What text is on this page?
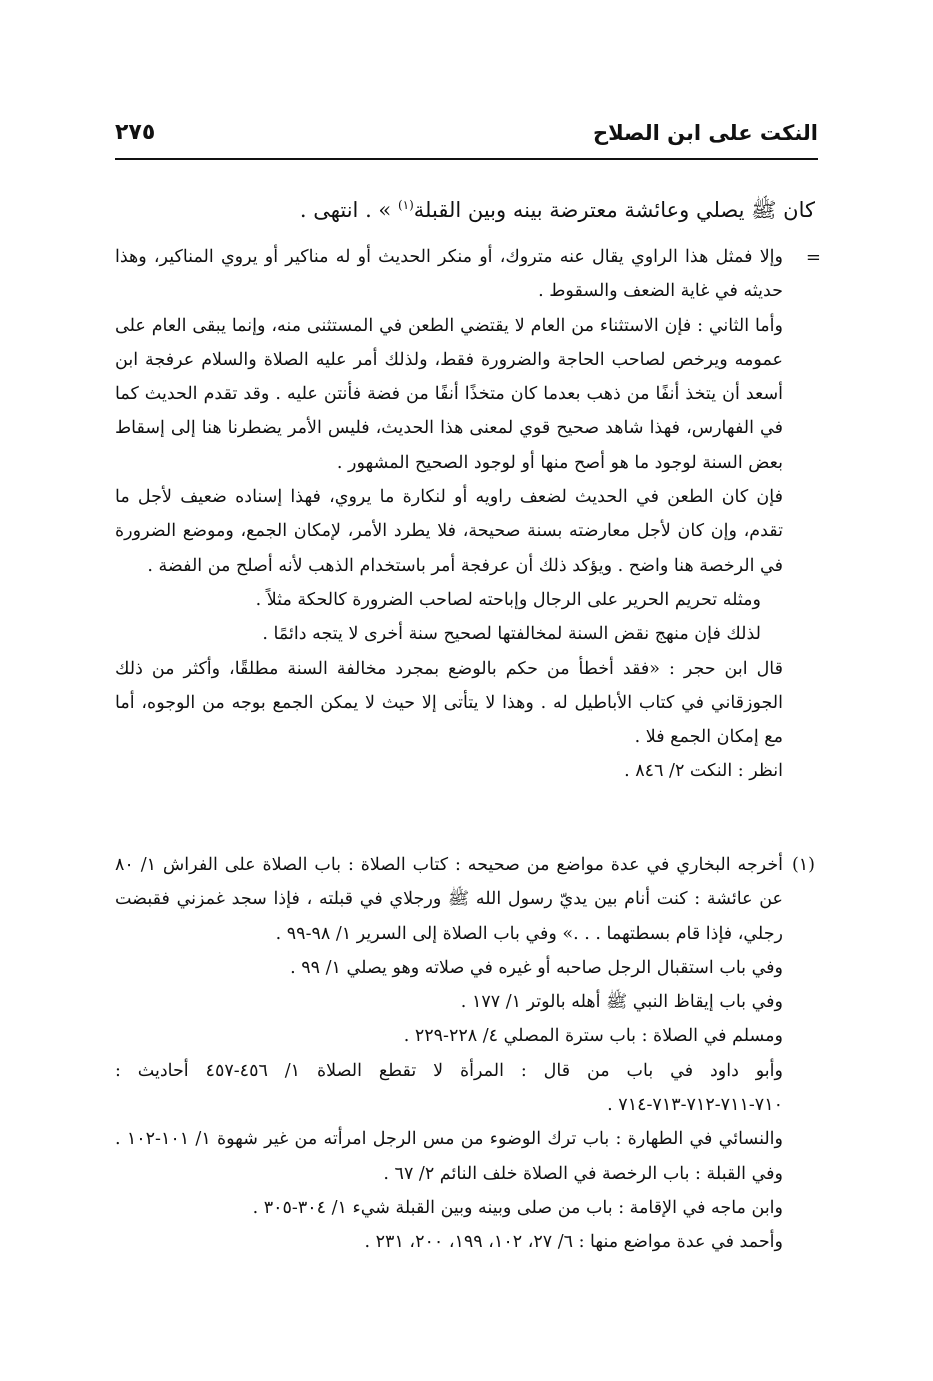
النكت على ابن الصلاح
٢٧٥
كان ﷺ يصلي وعائشة معترضة بينه وبين القبلة$^{(١)}$ » . انتهى .
=

وإلا فمثل هذا الراوي يقال عنه متروك، أو منكر الحديث أو له مناكير أو يروي المناكير، وهذا حديثه في غاية الضعف والسقوط .

وأما الثاني : فإن الاستثناء من العام لا يقتضي الطعن في المستثنى منه، وإنما يبقى العام على عمومه ويرخص لصاحب الحاجة والضرورة فقط، ولذلك أمر عليه الصلاة والسلام عرفجة ابن أسعد أن يتخذ أنفًا من ذهب بعدما كان متخذًا أنفًا من فضة فأنتن عليه . وقد تقدم الحديث كما في الفهارس، فهذا شاهد صحيح قوي لمعنى هذا الحديث، فليس الأمر يضطرنا هنا إلى إسقاط بعض السنة لوجود ما هو أصح منها أو لوجود الصحيح المشهور .

فإن كان الطعن في الحديث لضعف راويه أو لنكارة ما يروي، فهذا إسناده ضعيف لأجل ما تقدم، وإن كان لأجل معارضته بسنة صحيحة، فلا يطرد الأمر، لإمكان الجمع، وموضع الضرورة في الرخصة هنا واضح . ويؤكد ذلك أن عرفجة أمر باستخدام الذهب لأنه أصلح من الفضة .

ومثله تحريم الحرير على الرجال وإباحته لصاحب الضرورة كالحكة مثلاً .

لذلك فإن منهج نقض السنة لمخالفتها لصحيح سنة أخرى لا يتجه دائمًا .

قال ابن حجر : «فقد أخطأ من حكم بالوضع بمجرد مخالفة السنة مطلقًا، وأكثر من ذلك الجوزقاني في كتاب الأباطيل له . وهذا لا يتأتى إلا حيث لا يمكن الجمع بوجه من الوجوه، أما مع إمكان الجمع فلا .

انظر : النكت ٢/ ٨٤٦ .

(١)

أخرجه البخاري في عدة مواضع من صحيحه : كتاب الصلاة : باب الصلاة على الفراش ١/ ٨٠ عن عائشة : كنت أنام بين يديّ رسول الله ﷺ ورجلاي في قبلته ، فإذا سجد غمزني فقبضت رجلي، فإذا قام بسطتهما . . .» وفي باب الصلاة إلى السرير ١/ ٩٨-٩٩ .

وفي باب استقبال الرجل صاحبه أو غيره في صلاته وهو يصلي ١/ ٩٩ .

وفي باب إيقاظ النبي ﷺ أهله بالوتر ١/ ١٧٧ .

ومسلم في الصلاة : باب سترة المصلي ٤/ ٢٢٨-٢٢٩ .

وأبو داود في باب من قال : المرأة لا تقطع الصلاة ١/ ٤٥٦-٤٥٧ أحاديث : ٧١٠-٧١١-٧١٢-٧١٣-٧١٤ .

والنسائي في الطهارة : باب ترك الوضوء من مس الرجل امرأته من غير شهوة ١/ ١٠١-١٠٢ . وفي القبلة : باب الرخصة في الصلاة خلف النائم ٢/ ٦٧ .

وابن ماجه في الإقامة : باب من صلى وبينه وبين القبلة شيء ١/ ٣٠٤-٣٠٥ .

وأحمد في عدة مواضع منها : ٦/ ٢٧، ١٠٢، ١٩٩، ٢٠٠، ٢٣١ .
